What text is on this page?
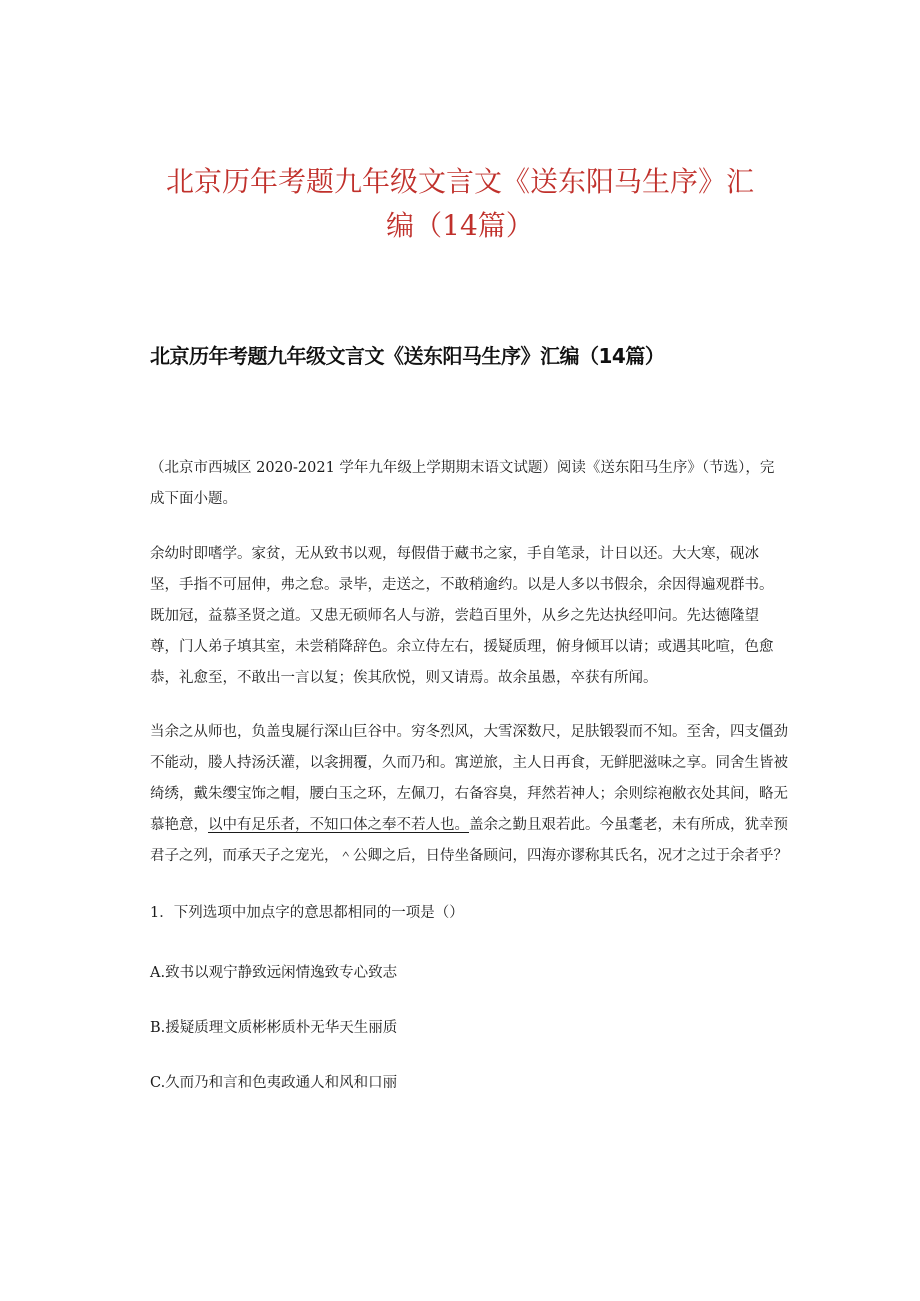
北京历年考题九年级文言文《送东阳马生序》汇
编（14篇）
北京历年考题九年级文言文《送东阳马生序》汇编（14篇）

（北京市西城区 2020-2021 学年九年级上学期期末语文试题）阅读《送东阳马生序》（节选），完
成下面小题。

余幼时即嗜学。家贫，无从致书以观，每假借于藏书之家，手自笔录，计日以还。大大寒，砚冰
坚，手指不可屈伸，弗之怠。录毕，走送之，不敢稍逾约。以是人多以书假余，余因得遍观群书。
既加冠，益慕圣贤之道。又患无硕师名人与游，尝趋百里外，从乡之先达执经叩问。先达德隆望
尊，门人弟子填其室，未尝稍降辞色。余立侍左右，援疑质理，俯身倾耳以请；或遇其叱喧，色愈
恭，礼愈至，不敢出一言以复；俟其欣悦，则又请焉。故余虽愚，卒获有所闻。

当余之从师也，负盖曳屣行深山巨谷中。穷冬烈风，大雪深数尺，足肤锻裂而不知。至舍，四支僵劲
不能动，媵人持汤沃灌，以衾拥覆，久而乃和。寓逆旅，主人日再食，无鲜肥滋味之享。同舍生皆被
绮绣，戴朱缨宝饰之帽，腰白玉之环，左佩刀，右备容臭，拜然若神人；余则综袍敝衣处其间，略无
慕艳意，以中有足乐者，不知口体之奉不若人也。盖余之勤且艰若此。今虽耄老，未有所成，犹幸预
君子之列，而承天子之宠光，＾公卿之后，日侍坐备顾问，四海亦谬称其氏名，况才之过于余者乎？

1．下列选项中加点字的意思都相同的一项是（）

A.致书以观宁静致远闲情逸致专心致志

B.援疑质理文质彬彬质朴无华天生丽质

C.久而乃和言和色夷政通人和风和口丽
